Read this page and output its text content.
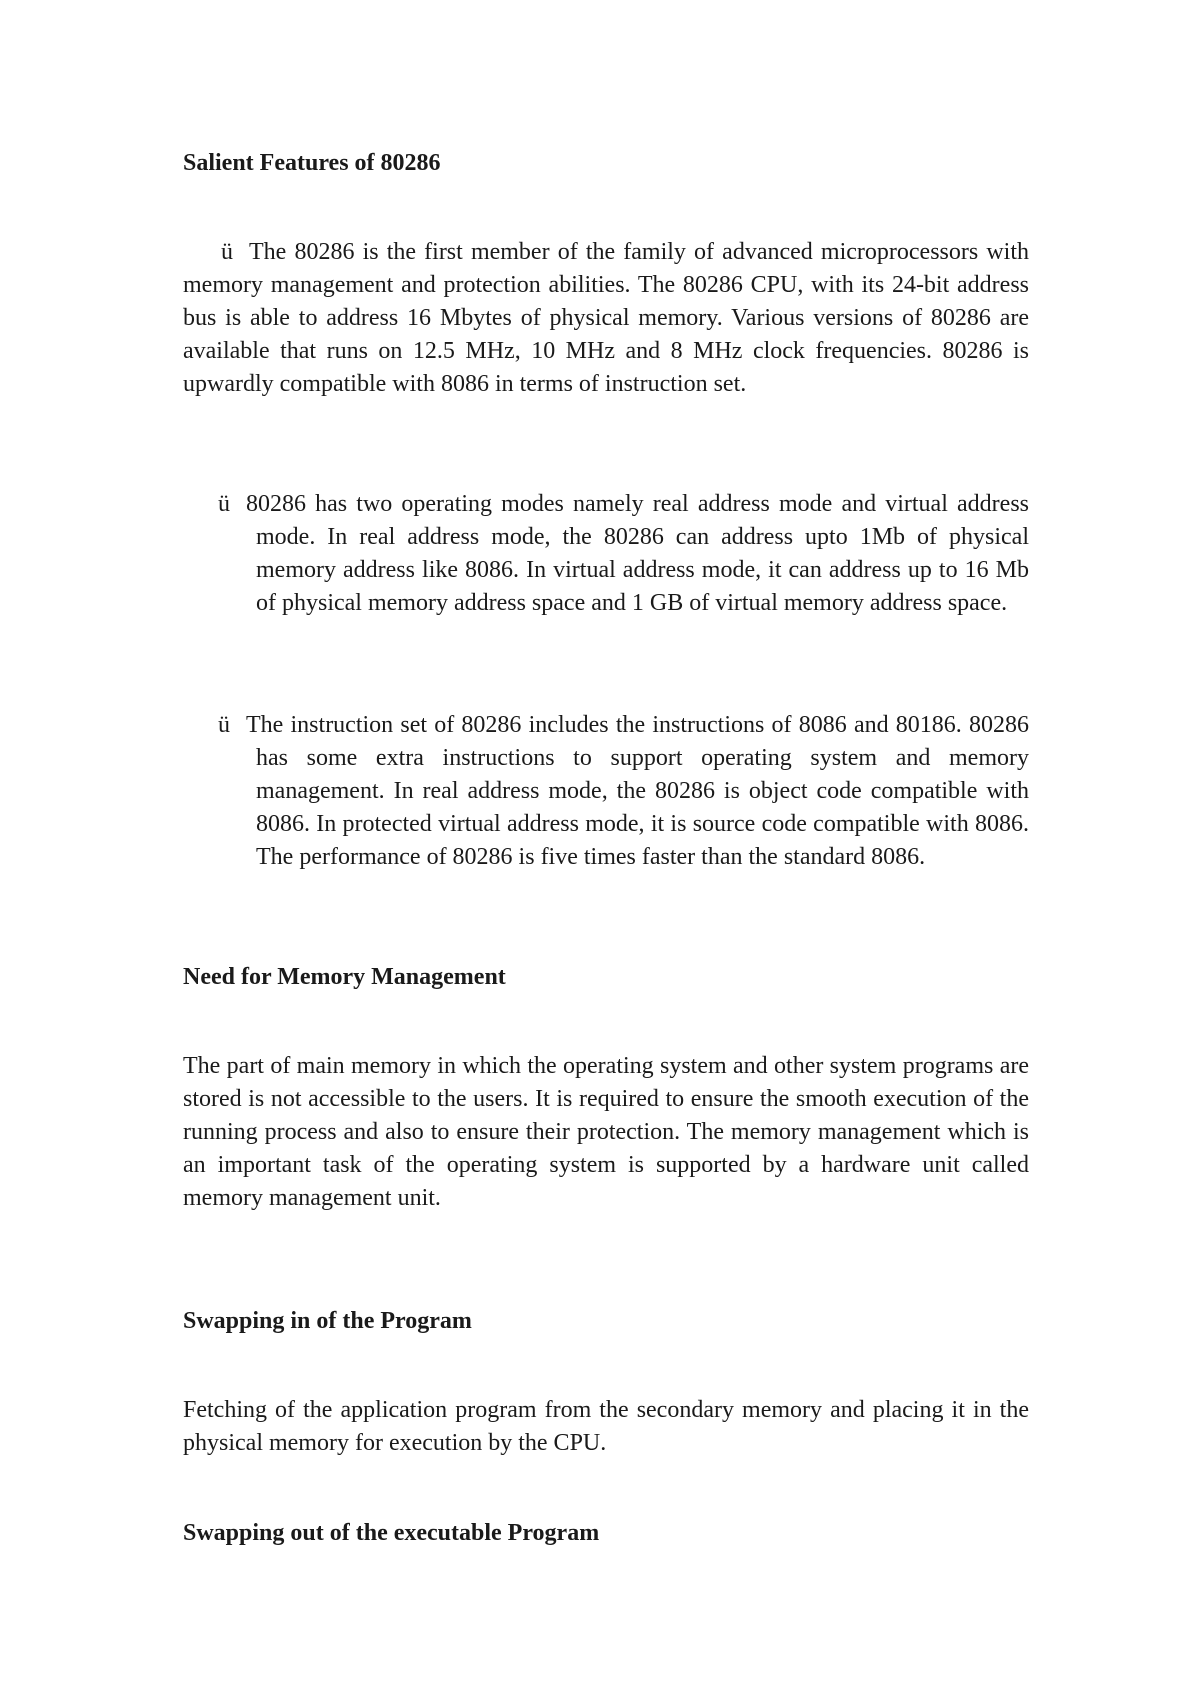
Salient Features of 80286

ü The 80286 is the first member of the family of advanced microprocessors with memory management and protection abilities. The 80286 CPU, with its 24-bit address bus is able to address 16 Mbytes of physical memory. Various versions of 80286 are available that runs on 12.5 MHz, 10 MHz and 8 MHz clock frequencies. 80286 is upwardly compatible with 8086 in terms of instruction set.

ü 80286 has two operating modes namely real address mode and virtual address mode. In real address mode, the 80286 can address upto 1Mb of physical memory address like 8086. In virtual address mode, it can address up to 16 Mb of physical memory address space and 1 GB of virtual memory address space.

ü The instruction set of 80286 includes the instructions of 8086 and 80186. 80286 has some extra instructions to support operating system and memory management. In real address mode, the 80286 is object code compatible with 8086. In protected virtual address mode, it is source code compatible with 8086. The performance of 80286 is five times faster than the standard 8086.

Need for Memory Management

The part of main memory in which the operating system and other system programs are stored is not accessible to the users. It is required to ensure the smooth execution of the running process and also to ensure their protection. The memory management which is an important task of the operating system is supported by a hardware unit called memory management unit.

Swapping in of the Program

Fetching of the application program from the secondary memory and placing it in the physical memory for execution by the CPU.

Swapping out of the executable Program
